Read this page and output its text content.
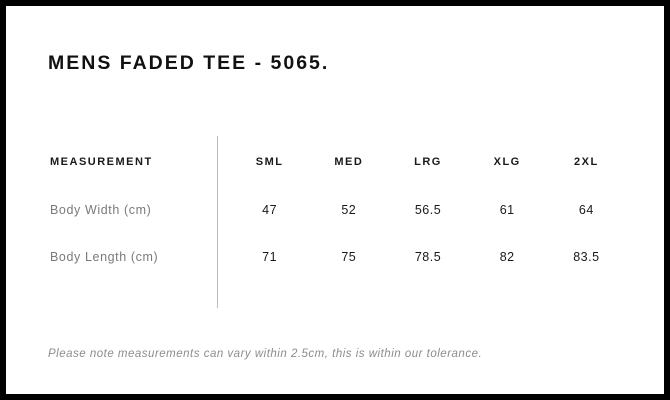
MENS FADED TEE - 5065.
MEASUREMENT	SML	MED	LRG	XLG	2XL
Body Width (cm)	47	52	56.5	61	64
Body Length (cm)	71	75	78.5	82	83.5
Please note measurements can vary within 2.5cm, this is within our tolerance.
